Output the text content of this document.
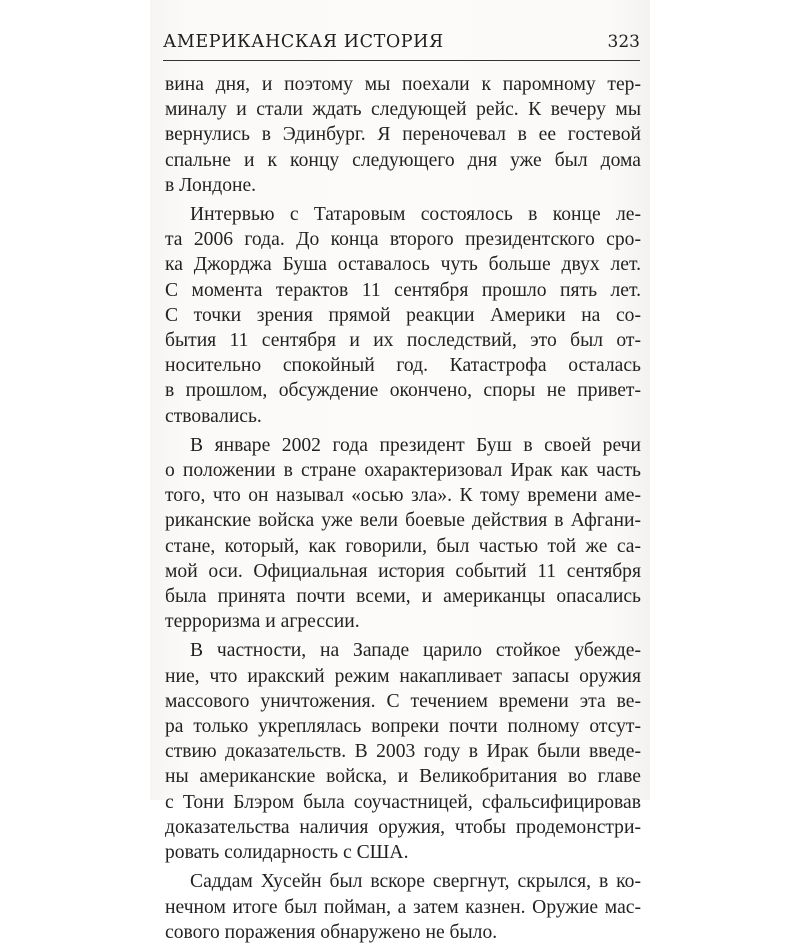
АМЕРИКАНСКАЯ ИСТОРИЯ	323
вина дня, и поэтому мы поехали к паромному тер-
миналу и стали ждать следующей рейс. К вечеру мы
вернулись в Эдинбург. Я переночевал в ее гостевой
спальне и к концу следующего дня уже был дома
в Лондоне.
Интервью с Татаровым состоялось в конце ле-
та 2006 года. До конца второго президентского сро-
ка Джорджа Буша оставалось чуть больше двух лет.
С момента терактов 11 сентября прошло пять лет.
С точки зрения прямой реакции Америки на со-
бытия 11 сентября и их последствий, это был от-
носительно спокойный год. Катастрофа осталась
в прошлом, обсуждение окончено, споры не привет-
ствовались.
В январе 2002 года президент Буш в своей речи
о положении в стране охарактеризовал Ирак как часть
того, что он называл «осью зла». К тому времени аме-
риканские войска уже вели боевые действия в Афгани-
стане, который, как говорили, был частью той же са-
мой оси. Официальная история событий 11 сентября
была принята почти всеми, и американцы опасались
терроризма и агрессии.
В частности, на Западе царило стойкое убежде-
ние, что иракский режим накапливает запасы оружия
массового уничтожения. С течением времени эта ве-
ра только укреплялась вопреки почти полному отсут-
ствию доказательств. В 2003 году в Ирак были введе-
ны американские войска, и Великобритания во главе
с Тони Блэром была соучастницей, сфальсифицировав
доказательства наличия оружия, чтобы продемонстри-
ровать солидарность с США.
Саддам Хусейн был вскоре свергнут, скрылся, в ко-
нечном итоге был пойман, а затем казнен. Оружие мас-
сового поражения обнаружено не было.
